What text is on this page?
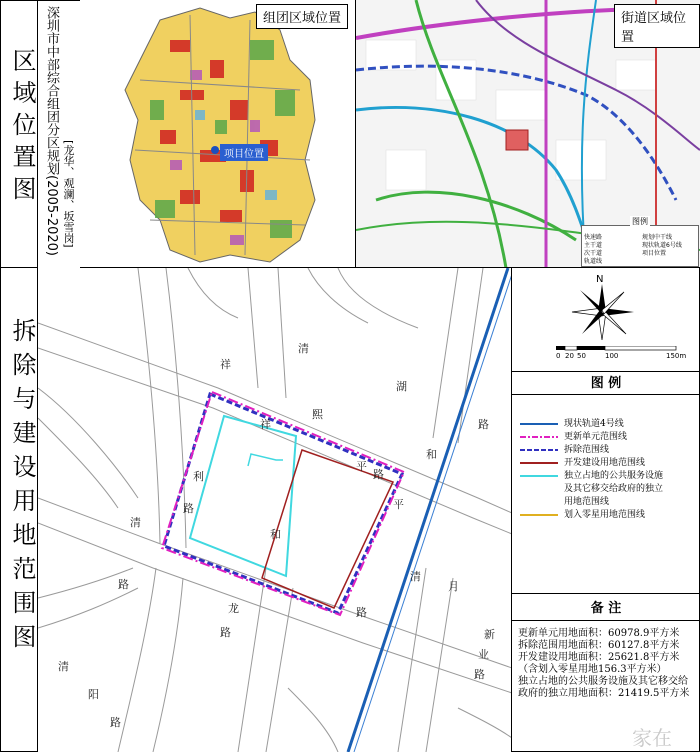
区域位置图
拆除与建设用地范围图
深圳市中部综合组团分区规划(2005-2020) [龙华、观澜、坂雪岗]	项目位置
组团区域位置	街道区域位置
图例
快速路
主干道
次干道
轨道线
规划中干线
现状轨道6号线
项目位置
清
祥
湖
熙
祥
平
路
和
利	路
平
和
清
路
路
龙
路
清
月
路
新
业
路
清
阳
路
N
0 20 50	100	150m
图 例
现状轨道4号线
更新单元范围线
拆除范围线
开发建设用地范围线
独立占地的公共服务设施
及其它移交给政府的独立
用地范围线
划入零星用地范围线
备 注
更新单元用地面积：60978.9平方米
拆除范围用地面积：60127.8平方米
开发建设用地面积：25621.8平方米
（含划入零星用地156.3平方米）
独立占地的公共服务设施及其它移交给
政府的独立用地面积：21419.5平方米
家在
